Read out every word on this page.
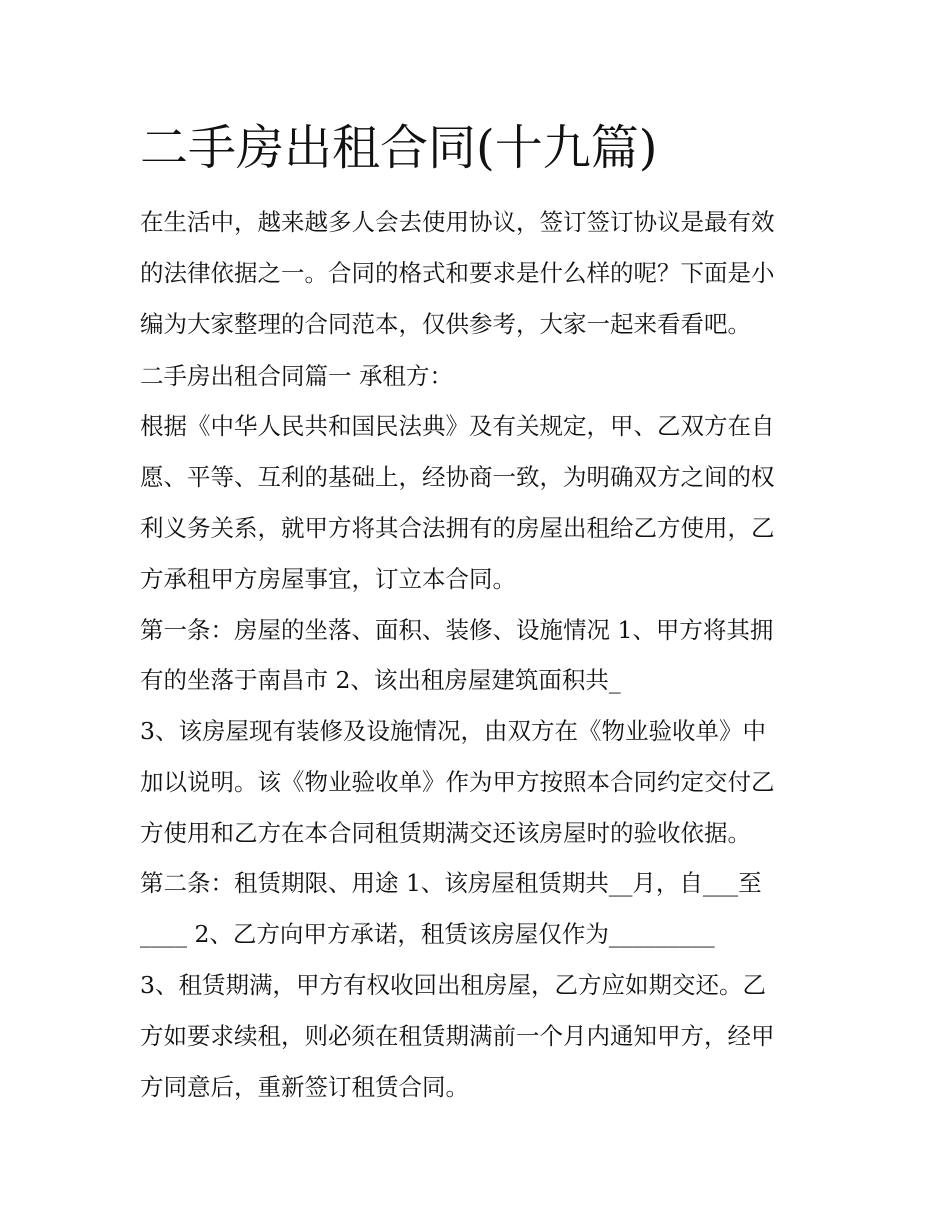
二手房出租合同(十九篇)
在生活中，越来越多人会去使用协议，签订签订协议是最有效
的法律依据之一。合同的格式和要求是什么样的呢？下面是小
编为大家整理的合同范本，仅供参考，大家一起来看看吧。
二手房出租合同篇一 承租方：
根据《中华人民共和国民法典》及有关规定，甲、乙双方在自
愿、平等、互利的基础上，经协商一致，为明确双方之间的权
利义务关系，就甲方将其合法拥有的房屋出租给乙方使用，乙
方承租甲方房屋事宜，订立本合同。
第一条：房屋的坐落、面积、装修、设施情况 1、甲方将其拥
有的坐落于南昌市 2、该出租房屋建筑面积共_
3、该房屋现有装修及设施情况，由双方在《物业验收单》中
加以说明。该《物业验收单》作为甲方按照本合同约定交付乙
方使用和乙方在本合同租赁期满交还该房屋时的验收依据。
第二条：租赁期限、用途 1、该房屋租赁期共__月，自___至
____ 2、乙方向甲方承诺，租赁该房屋仅作为_________
3、租赁期满，甲方有权收回出租房屋，乙方应如期交还。乙
方如要求续租，则必须在租赁期满前一个月内通知甲方，经甲
方同意后，重新签订租赁合同。
